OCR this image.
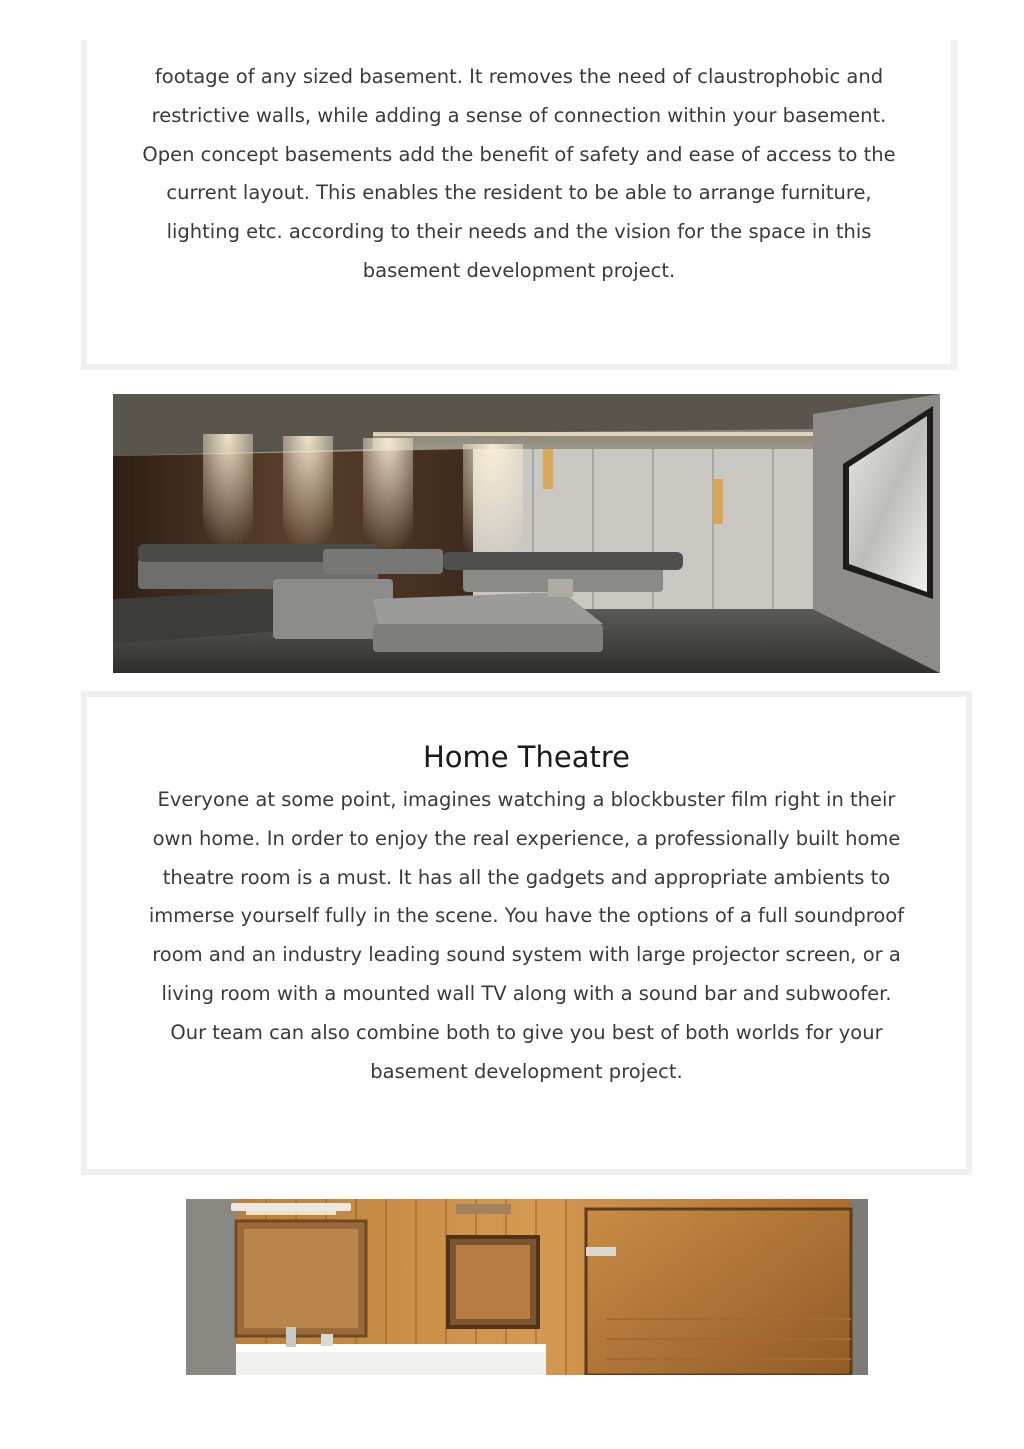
footage of any sized basement. It removes the need of claustrophobic and
restrictive walls, while adding a sense of connection within your basement.
Open concept basements add the benefit of safety and ease of access to the
current layout. This enables the resident to be able to arrange furniture,
lighting etc. according to their needs and the vision for the space in this
basement development project.
Home Theatre
Everyone at some point, imagines watching a blockbuster film right in their
own home. In order to enjoy the real experience, a professionally built home
theatre room is a must. It has all the gadgets and appropriate ambients to
immerse yourself fully in the scene. You have the options of a full soundproof
room and an industry leading sound system with large projector screen, or a
living room with a mounted wall TV along with a sound bar and subwoofer.
Our team can also combine both to give you best of both worlds for your
basement development project.
